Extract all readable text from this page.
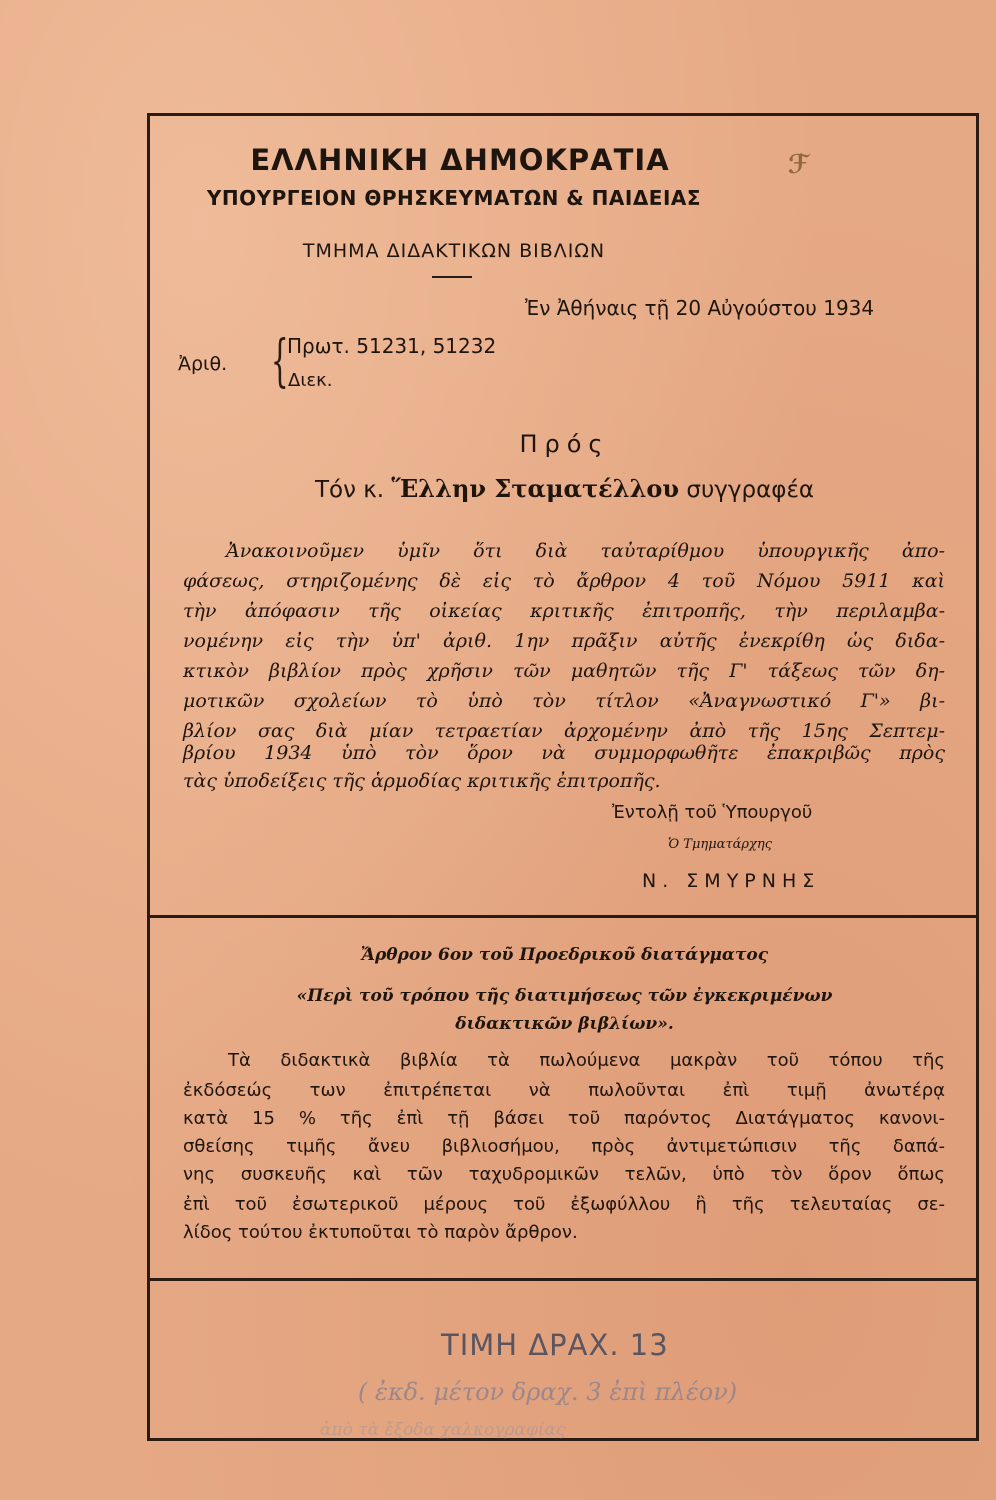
ℱ
ΕΛΛΗΝΙΚΗ ΔΗΜΟΚΡΑΤΙΑ
ΥΠΟΥΡΓΕΙΟΝ ΘΡΗΣΚΕΥΜΑΤΩΝ & ΠΑΙΔΕΙΑΣ
ΤΜΗΜΑ ΔΙΔΑΚΤΙΚΩΝ ΒΙΒΛΙΩΝ
Ἐν Ἀθήναις τῇ 20 Αὐγούστου 1934
Ἀριθ. {
Πρωτ. 51231, 51232
Διεκ.
Πρός
Τόν κ. Ἕλλην Σταματέλλου συγγραφέα
Ἀνακοινοῦμεν ὑμῖν ὅτι διὰ ταὐταρίθμου ὑπουργικῆς ἀπο-
φάσεως, στηριζομένης δὲ εἰς τὸ ἄρθρον 4 τοῦ Νόμου 5911 καὶ
τὴν ἀπόφασιν τῆς οἰκείας κριτικῆς ἐπιτροπῆς, τὴν περιλαμβα-
νομένην εἰς τὴν ὑπ' ἀριθ. 1ην πρᾶξιν αὐτῆς ἐνεκρίθη ὡς διδα-
κτικὸν βιβλίον πρὸς χρῆσιν τῶν μαθητῶν τῆς Γ' τάξεως τῶν δη-
μοτικῶν σχολείων τὸ ὑπὸ τὸν τίτλον «Ἀναγνωστικό Γ'» βι-
βλίον σας διὰ μίαν τετραετίαν ἀρχομένην ἀπὸ τῆς 15ης Σεπτεμ-
βρίου 1934 ὑπὸ τὸν ὅρον νὰ συμμορφωθῆτε ἐπακριβῶς πρὸς
τὰς ὑποδείξεις τῆς ἁρμοδίας κριτικῆς ἐπιτροπῆς.
Ἐντολῇ τοῦ Ὑπουργοῦ
Ὁ Τμηματάρχης
Ν. ΣΜΥΡΝΗΣ
Ἄρθρον 6ον τοῦ Προεδρικοῦ διατάγματος
«Περὶ τοῦ τρόπου τῆς διατιμήσεως τῶν ἐγκεκριμένων
διδακτικῶν βιβλίων».
Τὰ διδακτικὰ βιβλία τὰ πωλούμενα μακρὰν τοῦ τόπου τῆς
ἐκδόσεώς των ἐπιτρέπεται νὰ πωλοῦνται ἐπὶ τιμῇ ἀνωτέρᾳ
κατὰ 15 % τῆς ἐπὶ τῇ βάσει τοῦ παρόντος Διατάγματος κανονι-
σθείσης τιμῆς ἄνευ βιβλιοσήμου, πρὸς ἀντιμετώπισιν τῆς δαπά-
νης συσκευῆς καὶ τῶν ταχυδρομικῶν τελῶν, ὑπὸ τὸν ὅρον ὅπως
ἐπὶ τοῦ ἐσωτερικοῦ μέρους τοῦ ἐξωφύλλου ἢ τῆς τελευταίας σε-
λίδος τούτου ἐκτυποῦται τὸ παρὸν ἄρθρον.
ΤΙΜΗ ΔΡΑΧ. 13
( ἐκδ. μέτον δραχ. 3 ἐπὶ πλέον)
ἀπὸ τὰ ἔξοδα χαλκογραφίας
